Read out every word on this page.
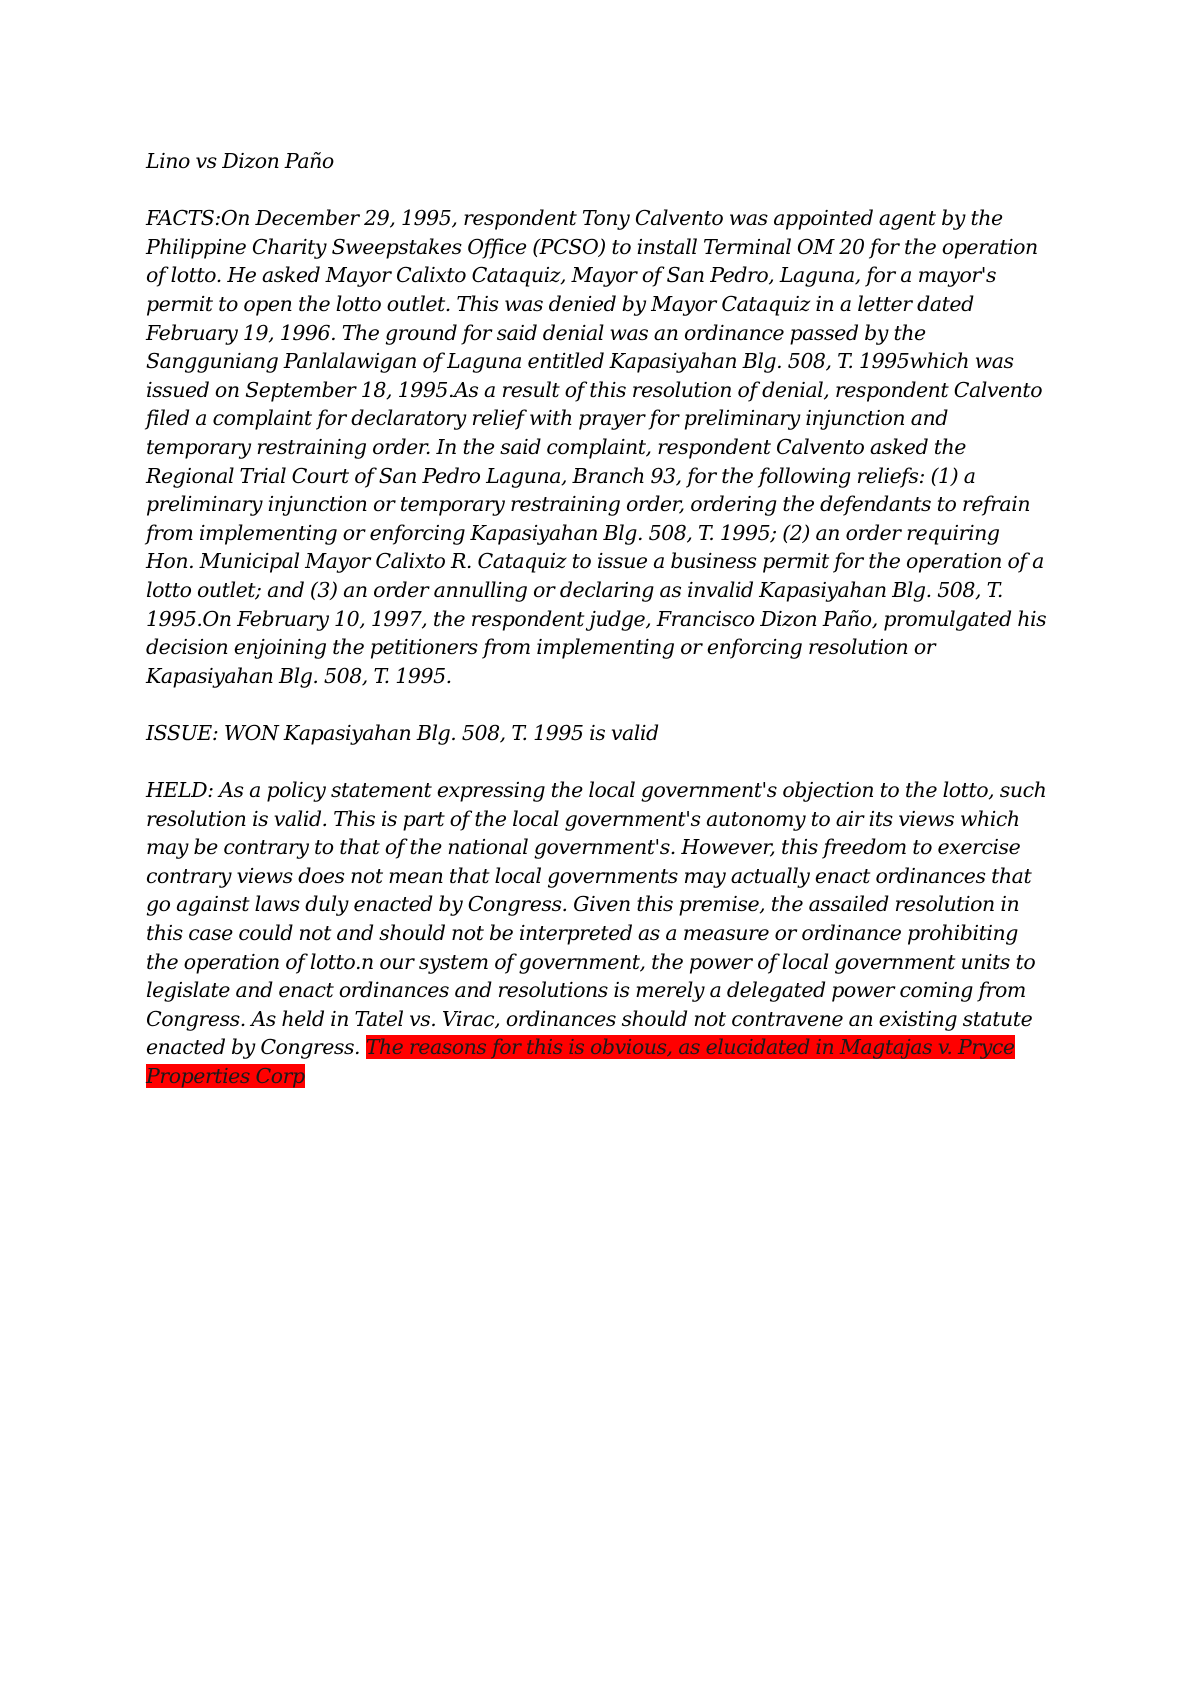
Lino vs Dizon Paño

FACTS:On December 29, 1995, respondent Tony Calvento was appointed agent by the Philippine Charity Sweepstakes Office (PCSO) to install Terminal OM 20 for the operation of lotto. He asked Mayor Calixto Cataquiz, Mayor of San Pedro, Laguna, for a mayor's permit to open the lotto outlet. This was denied by Mayor Cataquiz in a letter dated February 19, 1996. The ground for said denial was an ordinance passed by the Sangguniang Panlalawigan of Laguna entitled Kapasiyahan Blg. 508, T. 1995which was issued on September 18, 1995.As a result of this resolution of denial, respondent Calvento filed a complaint for declaratory relief with prayer for preliminary injunction and temporary restraining order. In the said complaint, respondent Calvento asked the Regional Trial Court of San Pedro Laguna, Branch 93, for the following reliefs: (1) a preliminary injunction or temporary restraining order, ordering the defendants to refrain from implementing or enforcing Kapasiyahan Blg. 508, T. 1995; (2) an order requiring Hon. Municipal Mayor Calixto R. Cataquiz to issue a business permit for the operation of a lotto outlet; and (3) an order annulling or declaring as invalid Kapasiyahan Blg. 508, T. 1995.On February 10, 1997, the respondent judge, Francisco Dizon Paño, promulgated his decision enjoining the petitioners from implementing or enforcing resolution or Kapasiyahan Blg. 508, T. 1995.

ISSUE: WON Kapasiyahan Blg. 508, T. 1995 is valid

HELD: As a policy statement expressing the local government's objection to the lotto, such resolution is valid. This is part of the local government's autonomy to air its views which may be contrary to that of the national government's. However, this freedom to exercise contrary views does not mean that local governments may actually enact ordinances that go against laws duly enacted by Congress. Given this premise, the assailed resolution in this case could not and should not be interpreted as a measure or ordinance prohibiting the operation of lotto.n our system of government, the power of local government units to legislate and enact ordinances and resolutions is merely a delegated power coming from Congress. As held in Tatel vs. Virac, ordinances should not contravene an existing statute enacted by Congress. The reasons for this is obvious, as elucidated in Magtajas v. Pryce Properties Corp
